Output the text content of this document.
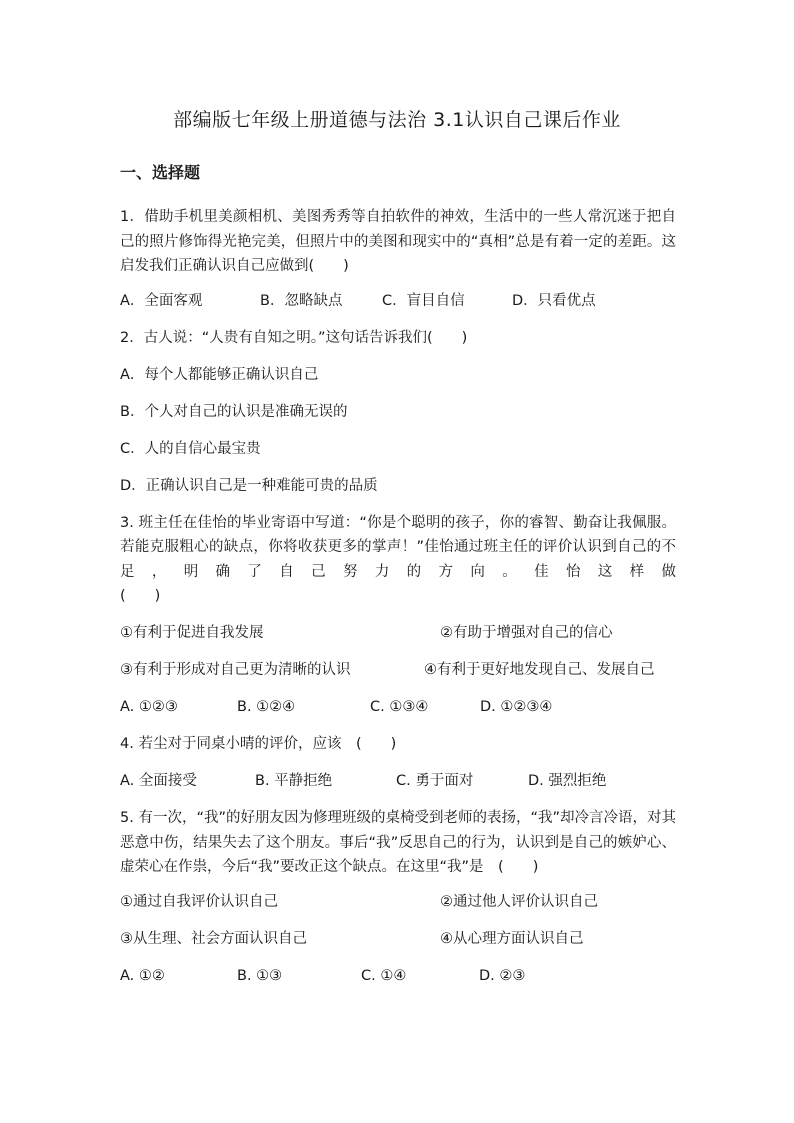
部编版七年级上册道德与法治 3.1认识自己课后作业
一、选择题
1．借助手机里美颜相机、美图秀秀等自拍软件的神效，生活中的一些人常沉迷于把自己的照片修饰得光艳完美，但照片中的美图和现实中的“真相”总是有着一定的差距。这启发我们正确认识自己应做到(　　)
A．全面客观	B．忽略缺点	C．盲目自信	D．只看优点
2．古人说：“人贵有自知之明。”这句话告诉我们(　　)
A．每个人都能够正确认识自己
B．个人对自己的认识是准确无误的
C．人的自信心最宝贵
D．正确认识自己是一种难能可贵的品质
3. 班主任在佳怡的毕业寄语中写道：“你是个聪明的孩子，你的睿智、勤奋让我佩服。若能克服粗心的缺点，你将收获更多的掌声！”佳怡通过班主任的评价认识到自己的不足，明确了自己努力的方向。佳怡这样做
(　　)
①有利于促进自我发展	②有助于增强对自己的信心
③有利于形成对自己更为清晰的认识	④有利于更好地发现自己、发展自己
A. ①②③	B. ①②④	C. ①③④	D. ①②③④
4. 若尘对于同桌小晴的评价，应该　(　　)
A. 全面接受	B. 平静拒绝	C. 勇于面对	D. 强烈拒绝
5. 有一次，“我”的好朋友因为修理班级的桌椅受到老师的表扬，“我”却冷言冷语，对其恶意中伤，结果失去了这个朋友。事后“我”反思自己的行为，认识到是自己的嫉妒心、虚荣心在作祟，今后“我”要改正这个缺点。在这里“我”是　(　　)
①通过自我评价认识自己	②通过他人评价认识自己
③从生理、社会方面认识自己	④从心理方面认识自己
A. ①②	B. ①③	C. ①④	D. ②③
